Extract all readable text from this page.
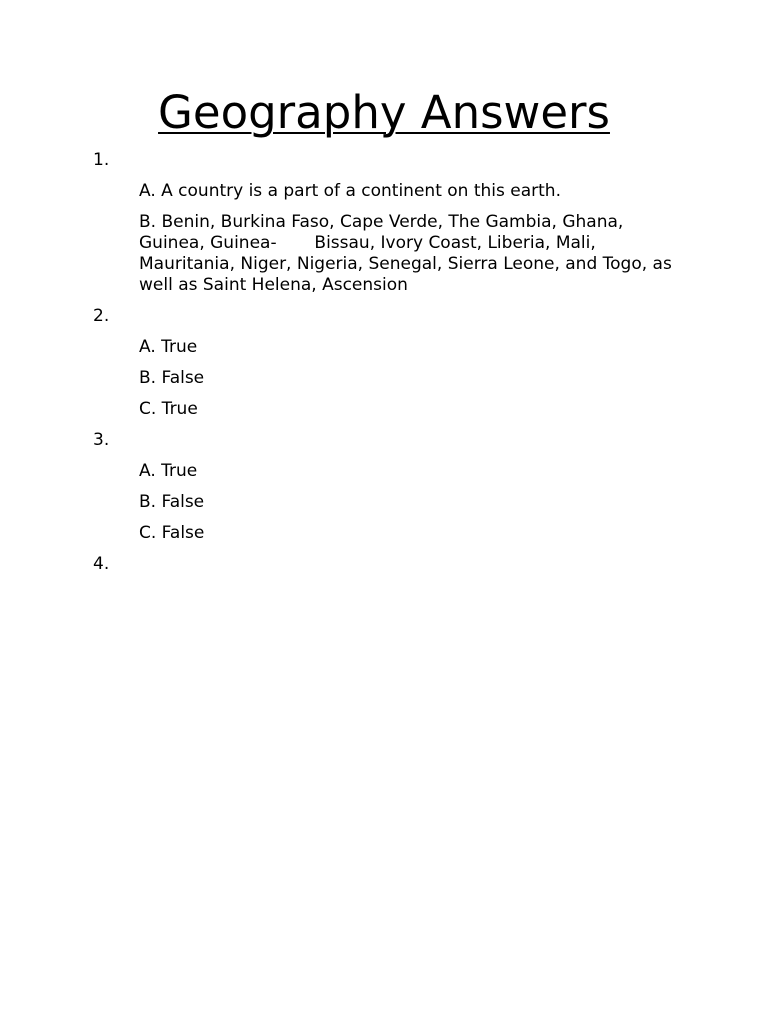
Geography Answers
1.

A. A country is a part of a continent on this earth.

B. Benin, Burkina Faso, Cape Verde, The Gambia, Ghana, Guinea, Guinea-       Bissau, Ivory Coast, Liberia, Mali, Mauritania, Niger, Nigeria, Senegal, Sierra Leone, and Togo, as well as Saint Helena, Ascension

2.

A. True

B. False

C. True

3.

A. True

B. False

C. False

4.
